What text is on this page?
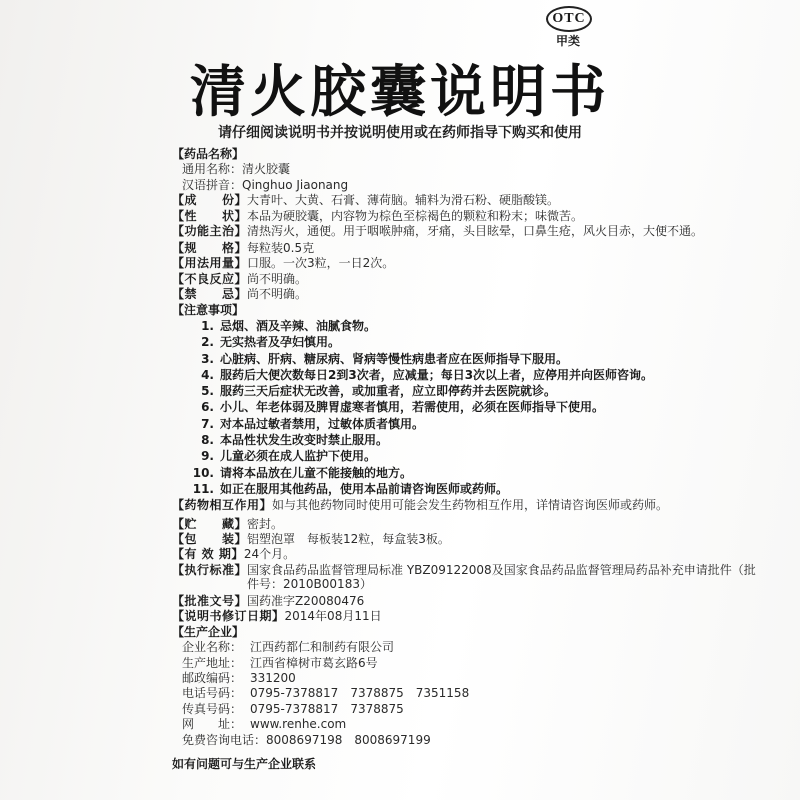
OTC
甲类
清火胶囊说明书
请仔细阅读说明书并按说明使用或在药师指导下购买和使用
【药品名称】
通用名称：清火胶囊
汉语拼音：Qinghuo Jiaonang
【成　　份】 大青叶、大黄、石膏、薄荷脑。辅料为滑石粉、硬脂酸镁。
【性　　状】 本品为硬胶囊，内容物为棕色至棕褐色的颗粒和粉末；味微苦。
【功能主治】 清热泻火，通便。用于咽喉肿痛，牙痛，头目眩晕，口鼻生疮，风火目赤，大便不通。
【规　　格】 每粒装0.5克
【用法用量】 口服。一次3粒，一日2次。
【不良反应】 尚不明确。
【禁　　忌】 尚不明确。
【注意事项】
1. 忌烟、酒及辛辣、油腻食物。
2. 无实热者及孕妇慎用。
3. 心脏病、肝病、糖尿病、肾病等慢性病患者应在医师指导下服用。
4. 服药后大便次数每日2到3次者，应减量；每日3次以上者，应停用并向医师咨询。
5. 服药三天后症状无改善，或加重者，应立即停药并去医院就诊。
6. 小儿、年老体弱及脾胃虚寒者慎用，若需使用，必须在医师指导下使用。
7. 对本品过敏者禁用，过敏体质者慎用。
8. 本品性状发生改变时禁止服用。
9. 儿童必须在成人监护下使用。
10. 请将本品放在儿童不能接触的地方。
11. 如正在服用其他药品，使用本品前请咨询医师或药师。
【药物相互作用】 如与其他药物同时使用可能会发生药物相互作用，详情请咨询医师或药师。
【贮　　藏】 密封。
【包　　装】 铝塑泡罩　每板装12粒，每盒装3板。
【有 效 期】 24个月。
【执行标准】 国家食品药品监督管理局标准 YBZ09122008及国家食品药品监督管理局药品补充申请批件（批件号：2010B00183）
【批准文号】 国药准字Z20080476
【说明书修订日期】 2014年08月11日
【生产企业】
企业名称： 江西药都仁和制药有限公司
生产地址： 江西省樟树市葛玄路6号
邮政编码： 331200
电话号码： 0795-7378817　7378875　7351158
传真号码： 0795-7378817　7378875
网　　址： www.renhe.com
免费咨询电话：8008697198　8008697199
如有问题可与生产企业联系
